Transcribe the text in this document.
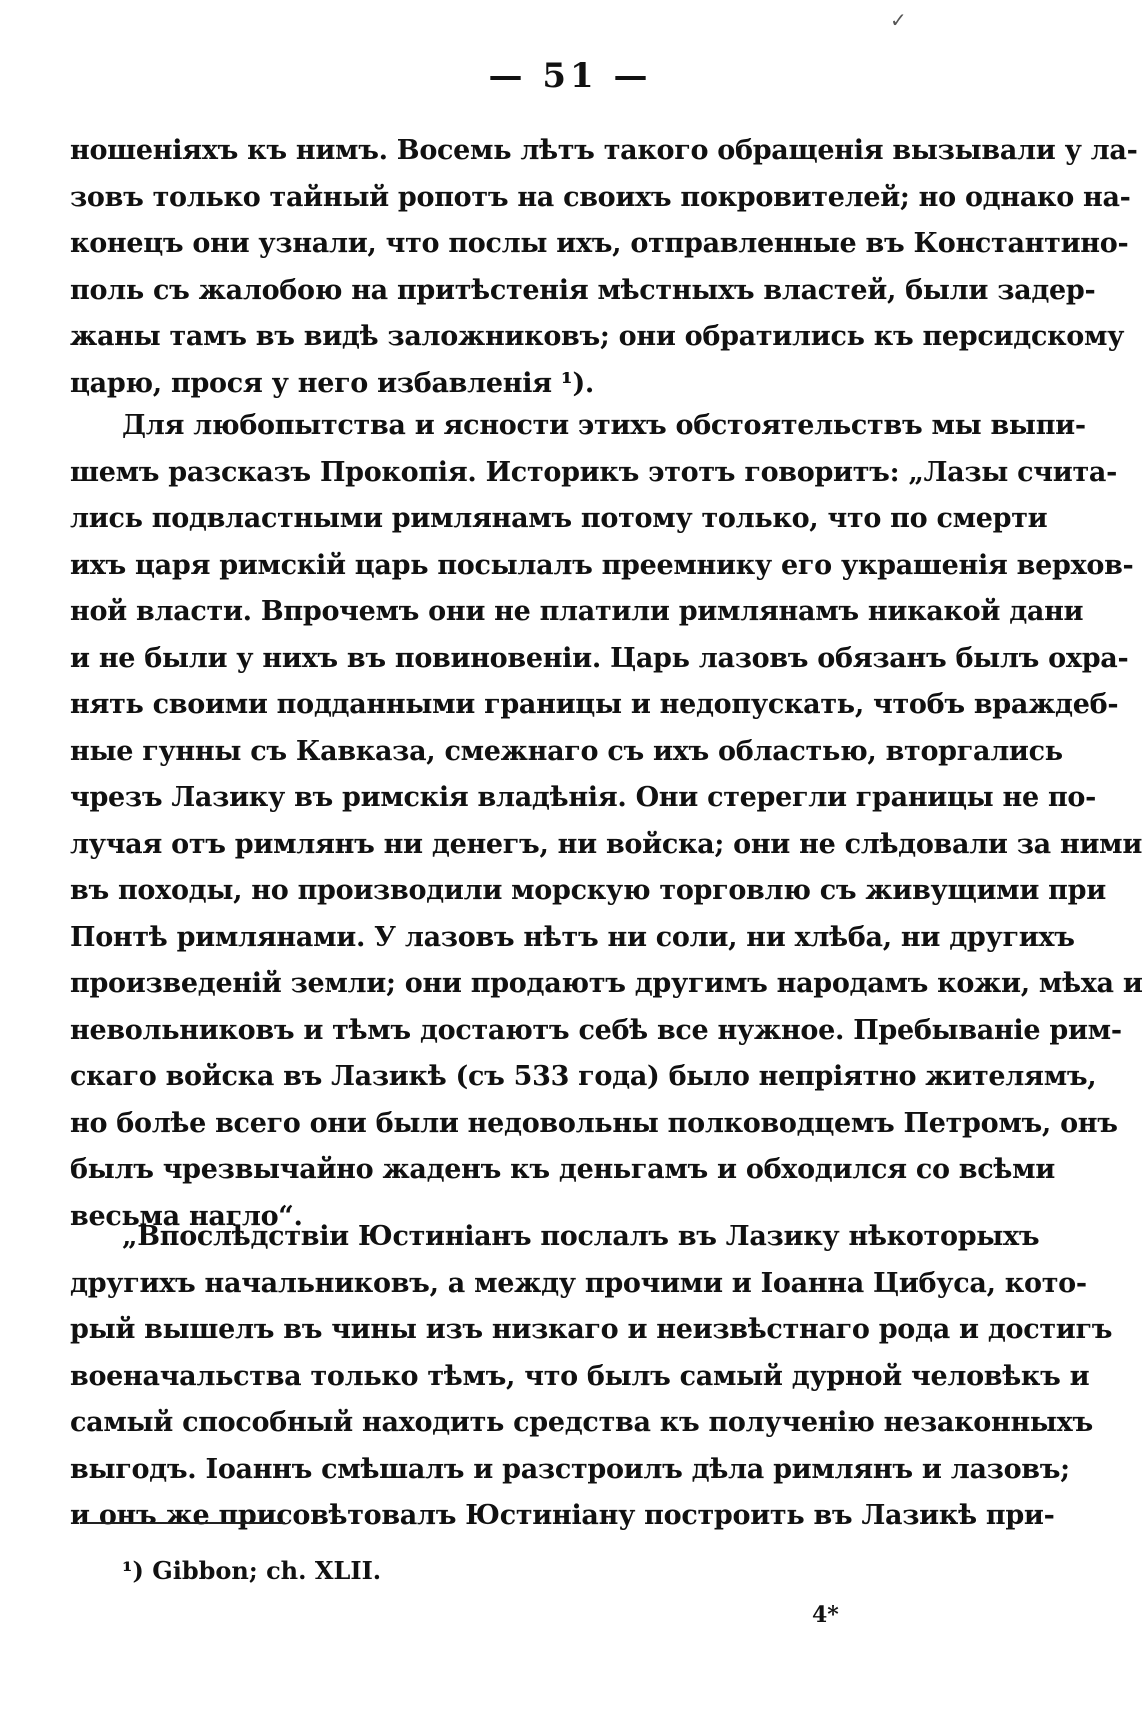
✓
— 51 —
ношеніяхъ къ нимъ. Восемь лѣтъ такого обращенія вызывали у ла-
зовъ только тайный ропотъ на своихъ покровителей; но однако на-
конецъ они узнали, что послы ихъ, отправленные въ Константино-
поль съ жалобою на притѣстенія мѣстныхъ властей, были задер-
жаны тамъ въ видѣ заложниковъ; они обратились къ персидскому
царю, прося у него избавленія ¹).
Для любопытства и ясности этихъ обстоятельствъ мы выпи-
шемъ разсказъ Прокопія. Историкъ этотъ говоритъ: „Лазы счита-
лись подвластными римлянамъ потому только, что по смерти
ихъ царя римскій царь посылалъ преемнику его украшенія верхов-
ной власти. Впрочемъ они не платили римлянамъ никакой дани
и не были у нихъ въ повиновеніи. Царь лазовъ обязанъ былъ охра-
нять своими подданными границы и недопускать, чтобъ враждеб-
ные гунны съ Кавказа, смежнаго съ ихъ областью, вторгались
чрезъ Лазику въ римскія владѣнія. Они стерегли границы не по-
лучая отъ римлянъ ни денегъ, ни войска; они не слѣдовали за ними
въ походы, но производили морскую торговлю съ живущими при
Понтѣ римлянами. У лазовъ нѣтъ ни соли, ни хлѣба, ни другихъ
произведеній земли; они продаютъ другимъ народамъ кожи, мѣха и
невольниковъ и тѣмъ достаютъ себѣ все нужное. Пребываніе рим-
скаго войска въ Лазикѣ (съ 533 года) было непріятно жителямъ,
но болѣе всего они были недовольны полководцемъ Петромъ, онъ
былъ чрезвычайно жаденъ къ деньгамъ и обходился со всѣми
весьма нагло“.
„Впослѣдствіи Юстиніанъ послалъ въ Лазику нѣкоторыхъ
другихъ начальниковъ, а между прочими и Іоанна Цибуса, кото-
рый вышелъ въ чины изъ низкаго и неизвѣстнаго рода и достигъ
военачальства только тѣмъ, что былъ самый дурной человѣкъ и
самый способный находить средства къ полученію незаконныхъ
выгодъ. Іоаннъ смѣшалъ и разстроилъ дѣла римлянъ и лазовъ;
и онъ же присовѣтовалъ Юстиніану построить въ Лазикѣ при-
¹) Gibbon; ch. XLII.
4*
